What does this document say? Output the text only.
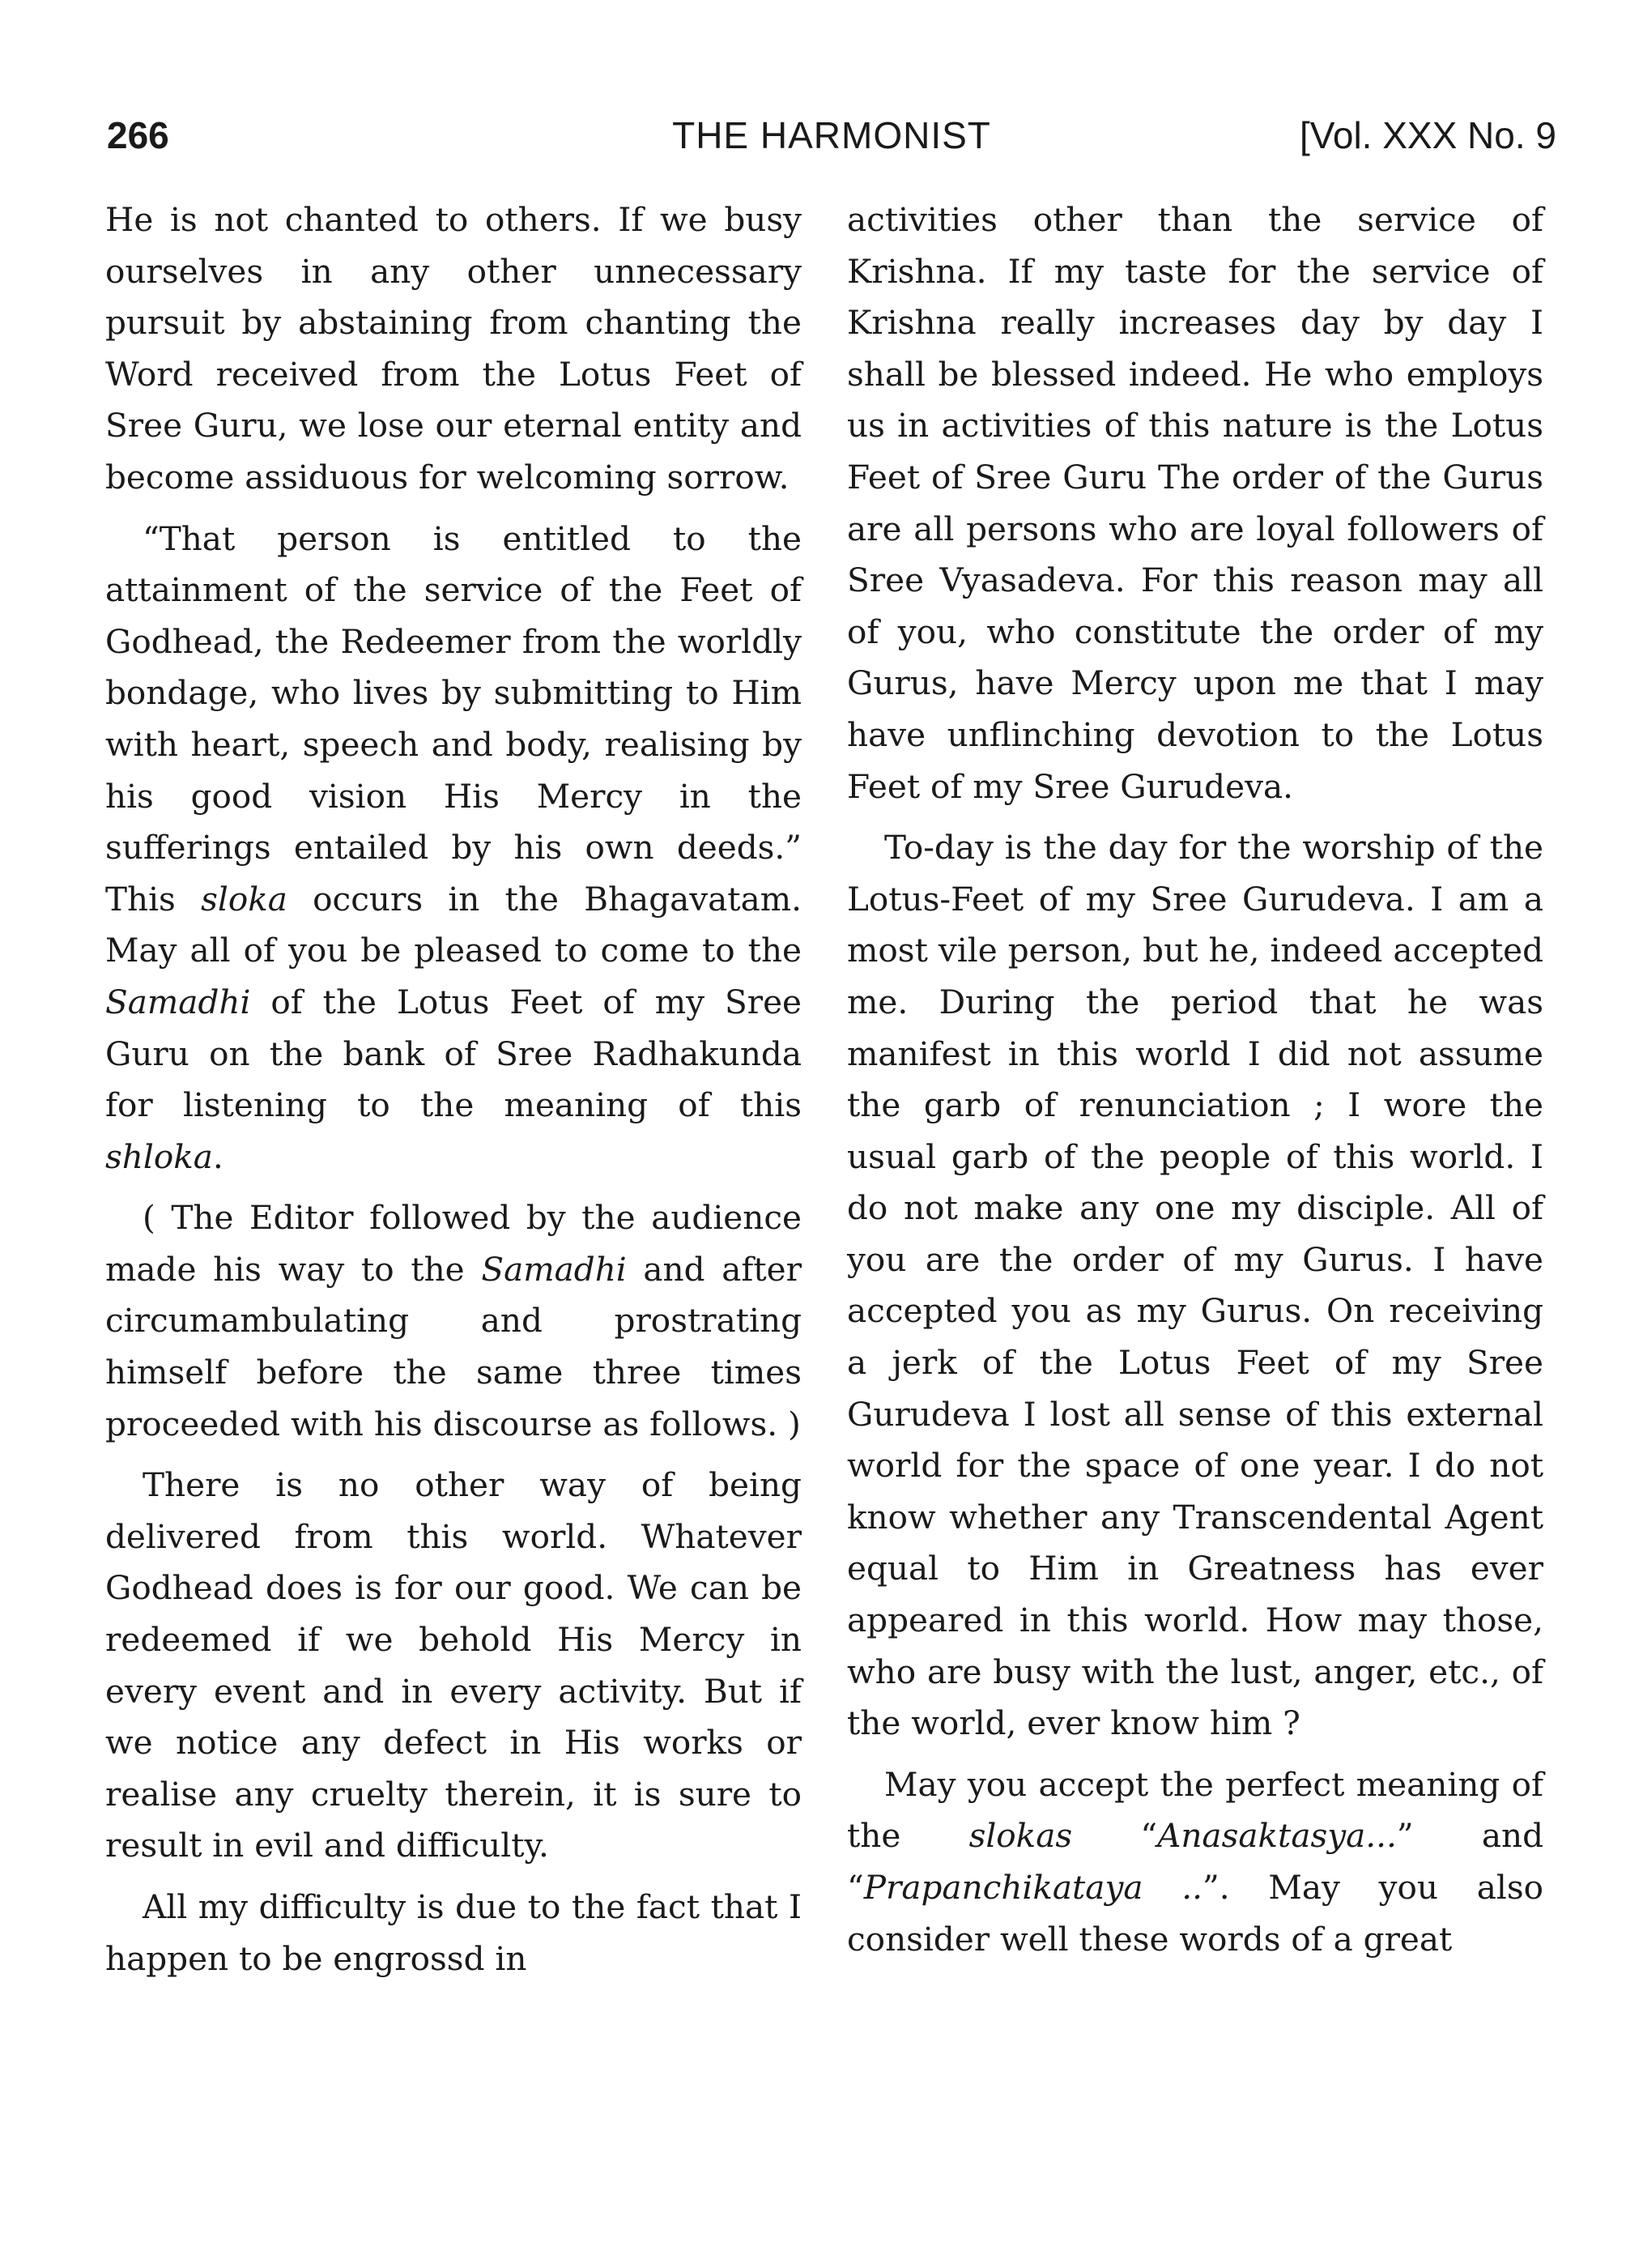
266	THE HARMONIST	[Vol. XXX No. 9

He is not chanted to others. If we busy ourselves in any other unnecessary pursuit by abstaining from chanting the Word received from the Lotus Feet of Sree Guru, we lose our eternal entity and become assiduous for welcoming sorrow.

“That person is entitled to the attainment of the service of the Feet of Godhead, the Redeemer from the worldly bondage, who lives by submitting to Him with heart, speech and body, realising by his good vision His Mercy in the sufferings entailed by his own deeds.” This sloka occurs in the Bhagavatam. May all of you be pleased to come to the Samadhi of the Lotus Feet of my Sree Guru on the bank of Sree Radhakunda for listening to the meaning of this shloka.

( The Editor followed by the audience made his way to the Samadhi and after circumambulating and prostrating himself before the same three times proceeded with his discourse as follows. )

There is no other way of being delivered from this world. Whatever Godhead does is for our good. We can be redeemed if we behold His Mercy in every event and in every activity. But if we notice any defect in His works or realise any cruelty therein, it is sure to result in evil and difficulty.

All my difficulty is due to the fact that I happen to be engrossd in

activities other than the service of Krishna. If my taste for the service of Krishna really increases day by day I shall be blessed indeed. He who employs us in activities of this nature is the Lotus Feet of Sree Guru The order of the Gurus are all persons who are loyal followers of Sree Vyasadeva. For this reason may all of you, who constitute the order of my Gurus, have Mercy upon me that I may have unflinching devotion to the Lotus Feet of my Sree Gurudeva.

To-day is the day for the worship of the Lotus-Feet of my Sree Gurudeva. I am a most vile person, but he, indeed accepted me. During the period that he was manifest in this world I did not assume the garb of renunciation ; I wore the usual garb of the people of this world. I do not make any one my disciple. All of you are the order of my Gurus. I have accepted you as my Gurus. On receiving a jerk of the Lotus Feet of my Sree Gurudeva I lost all sense of this external world for the space of one year. I do not know whether any Transcendental Agent equal to Him in Greatness has ever appeared in this world. How may those, who are busy with the lust, anger, etc., of the world, ever know him ?

May you accept the perfect meaning of the slokas “Anasaktasya...” and “Prapanchikataya ..”. May you also consider well these words of a great
